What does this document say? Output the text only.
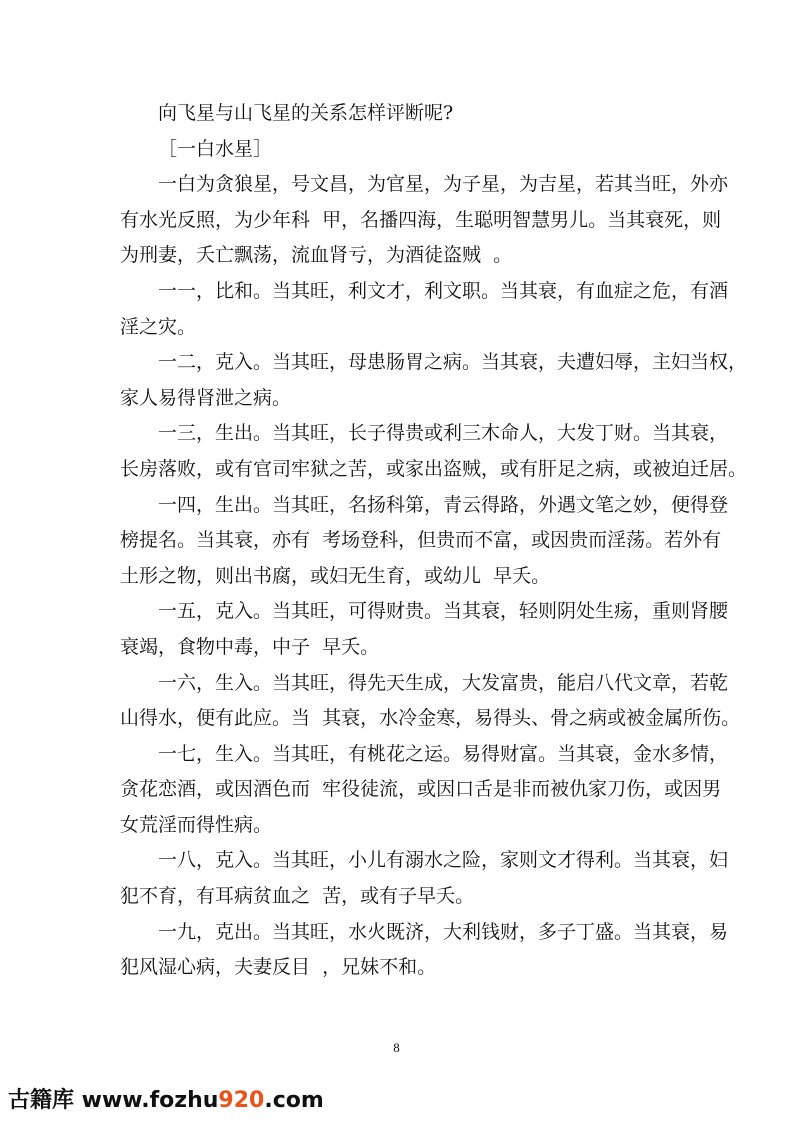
向飞星与山飞星的关系怎样评断呢?

［一白水星］

一白为贪狼星，号文昌，为官星，为子星，为吉星，若其当旺，外亦

有水光反照，为少年科  甲，名播四海，生聪明智慧男儿。当其衰死，则

为刑妻，夭亡飘荡，流血肾亏，为酒徒盗贼  。

一一，比和。当其旺，利文才，利文职。当其衰，有血症之危，有酒

淫之灾。

一二，克入。当其旺，母患肠胃之病。当其衰，夫遭妇辱，主妇当权，

家人易得肾泄之病。

一三，生出。当其旺，长子得贵或利三木命人，大发丁财。当其衰，

长房落败，或有官司牢狱之苦，或家出盗贼，或有肝足之病，或被迫迁居。

一四，生出。当其旺，名扬科第，青云得路，外遇文笔之妙，便得登

榜提名。当其衰，亦有  考场登科，但贵而不富，或因贵而淫荡。若外有

土形之物，则出书腐，或妇无生育，或幼儿  早夭。

一五，克入。当其旺，可得财贵。当其衰，轻则阴处生疡，重则肾腰

衰竭，食物中毒，中子  早夭。

一六，生入。当其旺，得先天生成，大发富贵，能启八代文章，若乾

山得水，便有此应。当  其衰，水冷金寒，易得头、骨之病或被金属所伤。

一七，生入。当其旺，有桃花之运。易得财富。当其衰，金水多情，

贪花恋酒，或因酒色而  牢役徒流，或因口舌是非而被仇家刀伤，或因男

女荒淫而得性病。

一八，克入。当其旺，小儿有溺水之险，家则文才得利。当其衰，妇

犯不育，有耳病贫血之  苦，或有子早夭。

一九，克出。当其旺，水火既济，大利钱财，多子丁盛。当其衰，易

犯风湿心病，夫妻反目  ，兄妹不和。

8
古籍库 www.fozhu920.com
